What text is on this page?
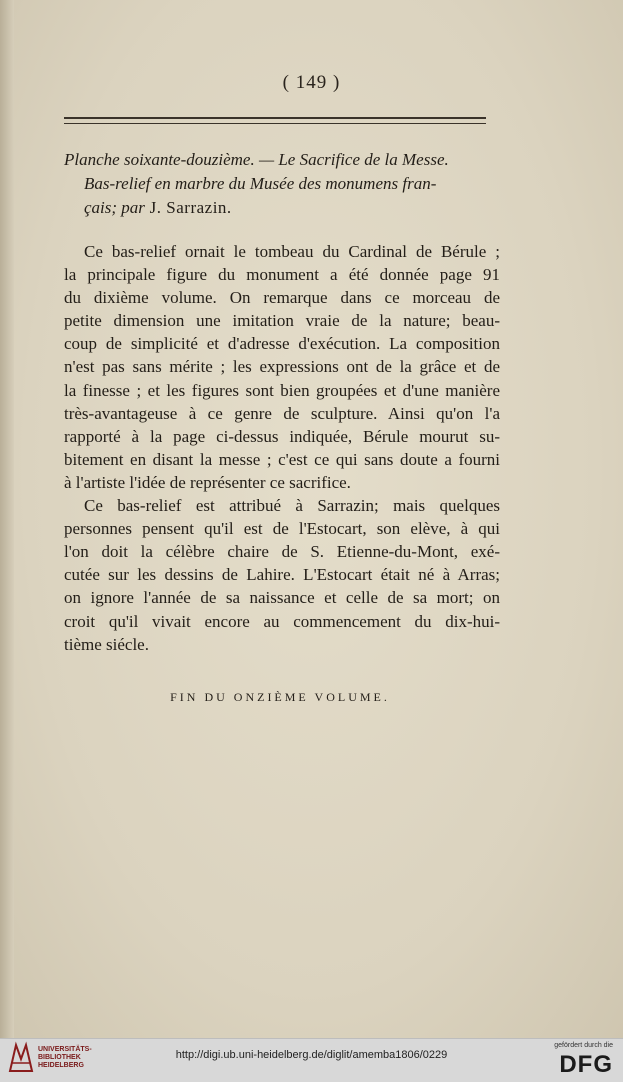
( 149 )
Planche soixante-douzième. — Le Sacrifice de la Messe.
Bas-relief en marbre du Musée des monumens fran-
çais; par J. Sarrazin.
Ce bas-relief ornait le tombeau du Cardinal de Bérule ;
la principale figure du monument a été donnée page 91
du dixième volume. On remarque dans ce morceau de
petite dimension une imitation vraie de la nature; beau-
coup de simplicité et d'adresse d'exécution. La composition
n'est pas sans mérite ; les expressions ont de la grâce et de
la finesse ; et les figures sont bien groupées et d'une manière
très-avantageuse à ce genre de sculpture. Ainsi qu'on l'a
rapporté à la page ci-dessus indiquée, Bérule mourut su-
bitement en disant la messe ; c'est ce qui sans doute a fourni
à l'artiste l'idée de représenter ce sacrifice.
Ce bas-relief est attribué à Sarrazin; mais quelques
personnes pensent qu'il est de l'Estocart, son elève, à qui
l'on doit la célèbre chaire de S. Etienne-du-Mont, exé-
cutée sur les dessins de Lahire. L'Estocart était né à Arras;
on ignore l'année de sa naissance et celle de sa mort; on
croit qu'il vivait encore au commencement du dix-hui-
tième siécle.
FIN DU ONZIÈME VOLUME.
UNIVERSITÄTS-
BIBLIOTHEK
HEIDELBERG
http://digi.ub.uni-heidelberg.de/diglit/amemba1806/0229
gefördert durch die
DFG
